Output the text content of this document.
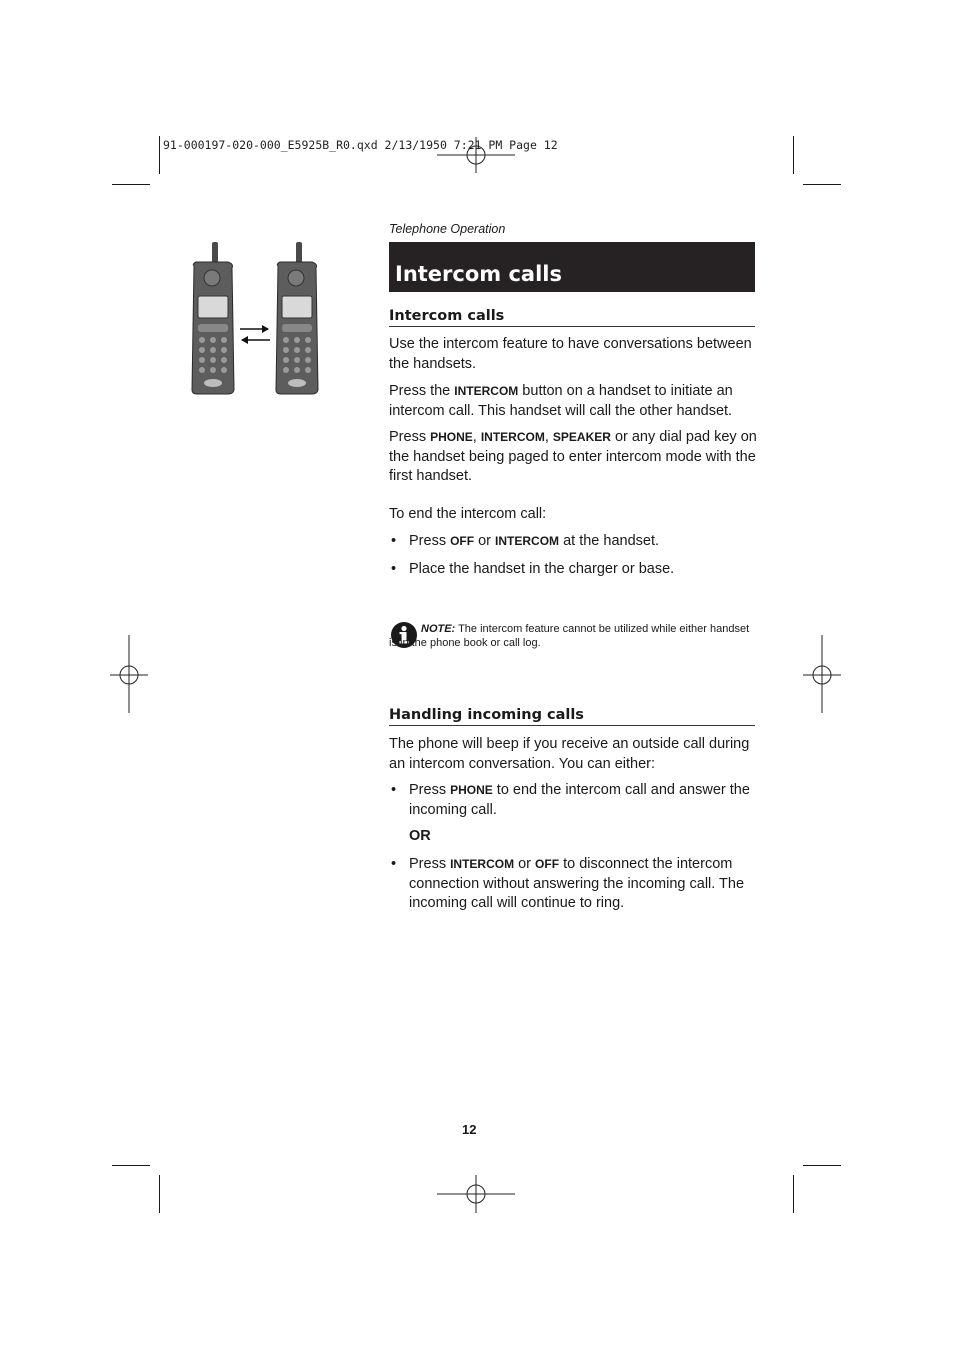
91-000197-020-000_E5925B_R0.qxd 2/13/1950 7:21 PM Page 12
Telephone Operation
Intercom calls
Intercom calls
Use the intercom feature to have conversations between the handsets.
Press the INTERCOM button on a handset to initiate an intercom call. This handset will call the other handset.
Press PHONE, INTERCOM, SPEAKER or any dial pad key on the handset being paged to enter intercom mode with the first handset.
To end the intercom call:
• Press OFF or INTERCOM at the handset.
• Place the handset in the charger or base.
NOTE: The intercom feature cannot be utilized while either handset is in the phone book or call log.
Handling incoming calls
The phone will beep if you receive an outside call during an intercom conversation. You can either:
• Press PHONE to end the intercom call and answer the incoming call.
OR
• Press INTERCOM or OFF to disconnect the intercom connection without answering the incoming call. The incoming call will continue to ring.
12
